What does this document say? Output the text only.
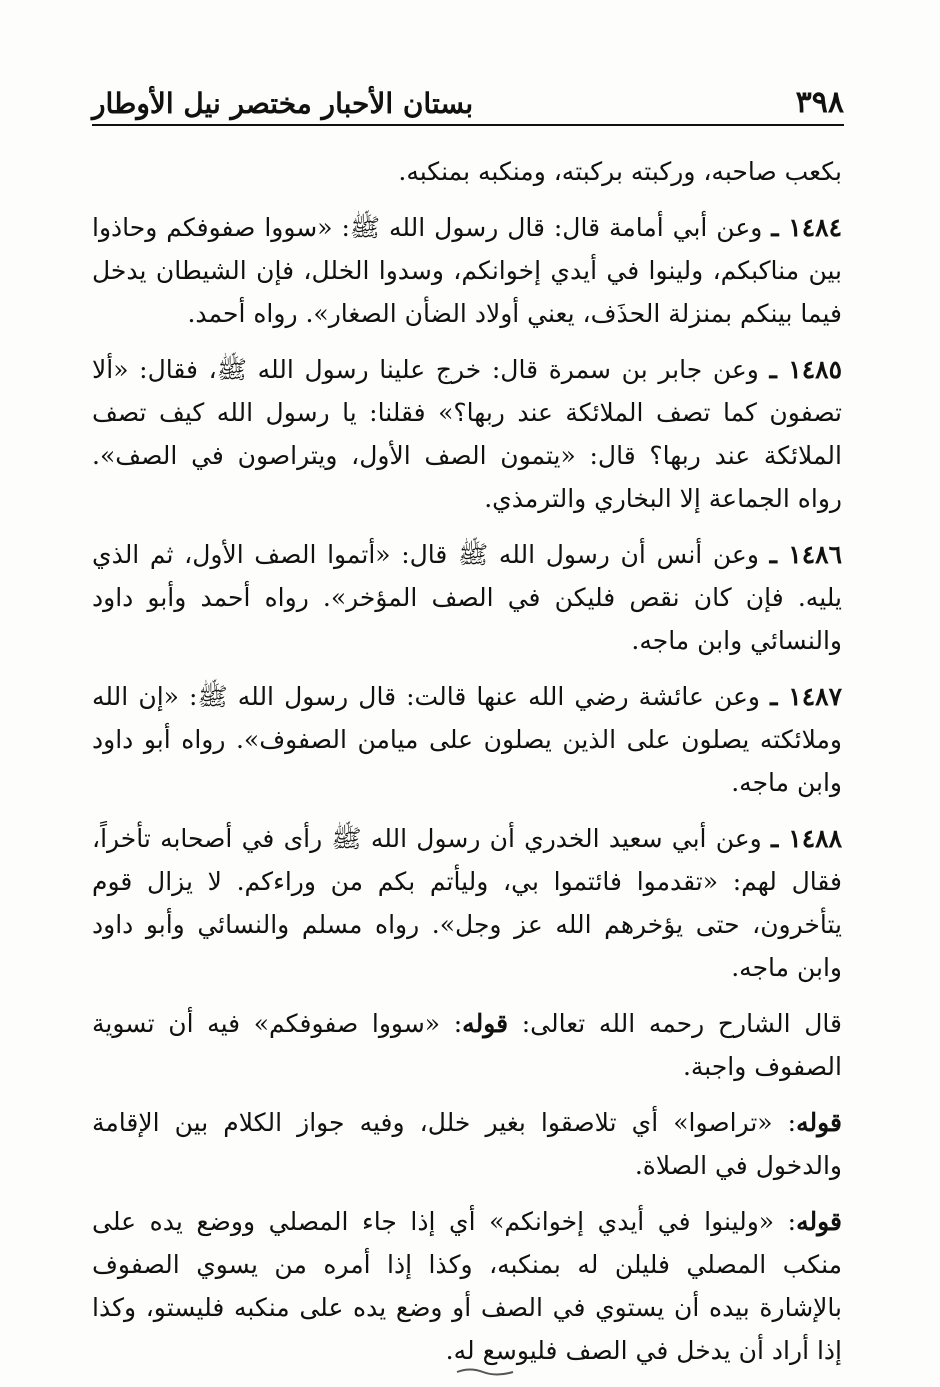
٣٩٨
بستان الأحبار مختصر نيل الأوطار

بكعب صاحبه، وركبته بركبته، ومنكبه بمنكبه.

١٤٨٤ ـ وعن أبي أمامة قال: قال رسول الله ﷺ: «سووا صفوفكم وحاذوا بين مناكبكم، ولينوا في أيدي إخوانكم، وسدوا الخلل، فإن الشيطان يدخل فيما بينكم بمنزلة الحذَف، يعني أولاد الضأن الصغار». رواه أحمد.

١٤٨٥ ـ وعن جابر بن سمرة قال: خرج علينا رسول الله ﷺ، فقال: «ألا تصفون كما تصف الملائكة عند ربها؟» فقلنا: يا رسول الله كيف تصف الملائكة عند ربها؟ قال: «يتمون الصف الأول، ويتراصون في الصف». رواه الجماعة إلا البخاري والترمذي.

١٤٨٦ ـ وعن أنس أن رسول الله ﷺ قال: «أتموا الصف الأول، ثم الذي يليه. فإن كان نقص فليكن في الصف المؤخر». رواه أحمد وأبو داود والنسائي وابن ماجه.

١٤٨٧ ـ وعن عائشة رضي الله عنها قالت: قال رسول الله ﷺ: «إن الله وملائكته يصلون على الذين يصلون على ميامن الصفوف». رواه أبو داود وابن ماجه.

١٤٨٨ ـ وعن أبي سعيد الخدري أن رسول الله ﷺ رأى في أصحابه تأخراً، فقال لهم: «تقدموا فائتموا بي، وليأتم بكم من وراءكم. لا يزال قوم يتأخرون، حتى يؤخرهم الله عز وجل». رواه مسلم والنسائي وأبو داود وابن ماجه.

قال الشارح رحمه الله تعالى: قوله: «سووا صفوفكم» فيه أن تسوية الصفوف واجبة.

قوله: «تراصوا» أي تلاصقوا بغير خلل، وفيه جواز الكلام بين الإقامة والدخول في الصلاة.

قوله: «ولينوا في أيدي إخوانكم» أي إذا جاء المصلي ووضع يده على منكب المصلي فليلن له بمنكبه، وكذا إذا أمره من يسوي الصفوف بالإشارة بيده أن يستوي في الصف أو وضع يده على منكبه فليستو، وكذا إذا أراد أن يدخل في الصف فليوسع له.
